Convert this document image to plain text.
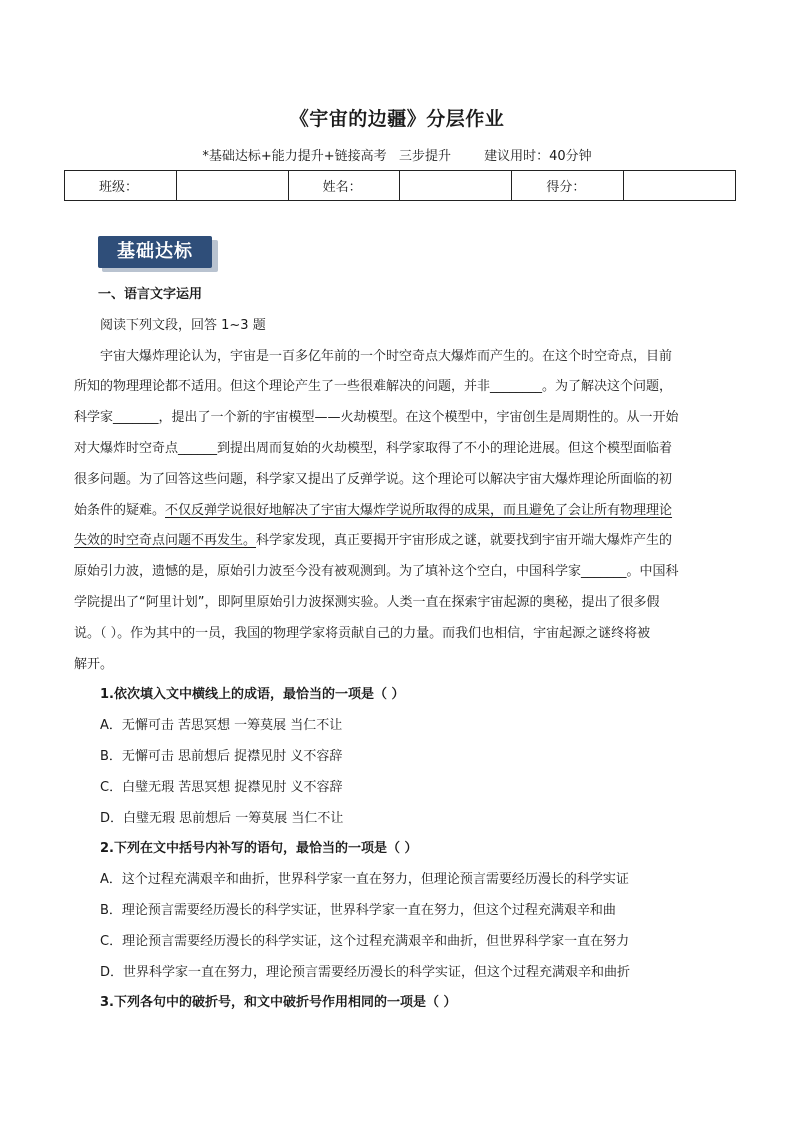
《宇宙的边疆》分层作业
*基础达标+能力提升+链接高考   三步提升        建议用时：40分钟
班级：		姓名：		得分：	
基础达标
一、语言文字运用
阅读下列文段，回答 1~3 题
宇宙大爆炸理论认为，宇宙是一百多亿年前的一个时空奇点大爆炸而产生的。在这个时空奇点，目前
所知的物理理论都不适用。但这个理论产生了一些很难解决的问题，并非________。为了解决这个问题，
科学家_______，提出了一个新的宇宙模型——火劫模型。在这个模型中，宇宙创生是周期性的。从一开始
对大爆炸时空奇点______到提出周而复始的火劫模型，科学家取得了不小的理论进展。但这个模型面临着
很多问题。为了回答这些问题，科学家又提出了反弹学说。这个理论可以解决宇宙大爆炸理论所面临的初
始条件的疑难。不仅反弹学说很好地解决了宇宙大爆炸学说所取得的成果，而且避免了会让所有物理理论
失效的时空奇点问题不再发生。科学家发现，真正要揭开宇宙形成之谜，就要找到宇宙开端大爆炸产生的
原始引力波，遗憾的是，原始引力波至今没有被观测到。为了填补这个空白，中国科学家_______。中国科
学院提出了“阿里计划”，即阿里原始引力波探测实验。人类一直在探索宇宙起源的奥秘，提出了很多假
说。（ ）。作为其中的一员，我国的物理学家将贡献自己的力量。而我们也相信，宇宙起源之谜终将被
解开。
1.依次填入文中横线上的成语，最恰当的一项是（ ）
A．无懈可击 苦思冥想 一筹莫展 当仁不让
B．无懈可击 思前想后 捉襟见肘 义不容辞
C．白璧无瑕 苦思冥想 捉襟见肘 义不容辞
D．白璧无瑕 思前想后 一筹莫展 当仁不让
2.下列在文中括号内补写的语句，最恰当的一项是（ ）
A．这个过程充满艰辛和曲折，世界科学家一直在努力，但理论预言需要经历漫长的科学实证
B．理论预言需要经历漫长的科学实证，世界科学家一直在努力，但这个过程充满艰辛和曲
C．理论预言需要经历漫长的科学实证，这个过程充满艰辛和曲折，但世界科学家一直在努力
D．世界科学家一直在努力，理论预言需要经历漫长的科学实证，但这个过程充满艰辛和曲折
3.下列各句中的破折号，和文中破折号作用相同的一项是（ ）
